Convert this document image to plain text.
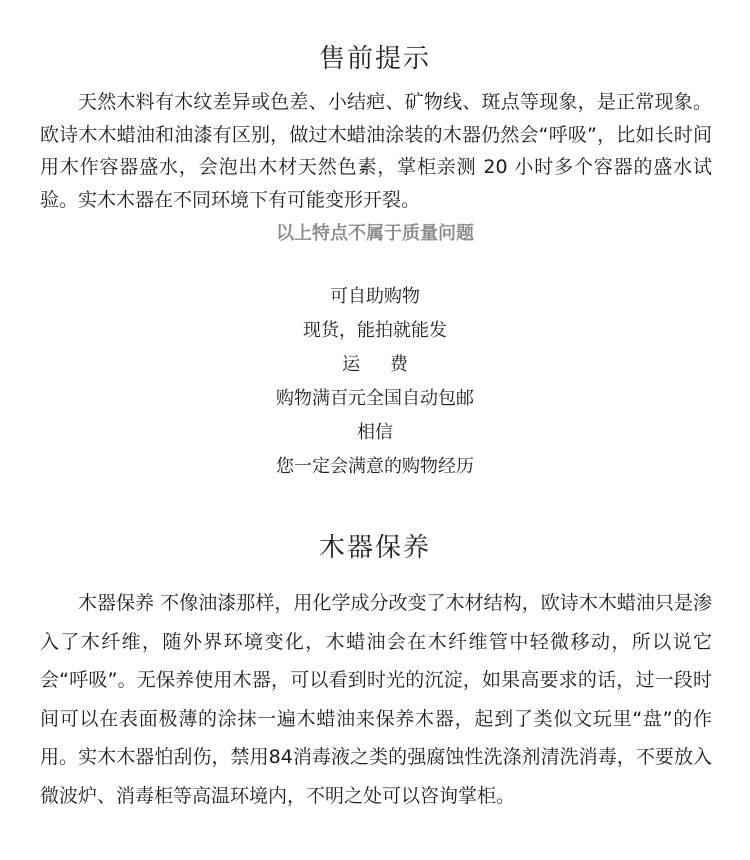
售前提示

天然木料有木纹差异或色差、小结疤、矿物线、斑点等现象，是正常现象。欧诗木木蜡油和油漆有区别，做过木蜡油涂装的木器仍然会“呼吸”，比如长时间用木作容器盛水，会泡出木材天然色素，掌柜亲测 20 小时多个容器的盛水试验。实木木器在不同环境下有可能变形开裂。

以上特点不属于质量问题
可自助购物
现货，能拍就能发
运 费
购物满百元全国自动包邮
相信
您一定会满意的购物经历
木器保养

木器保养 不像油漆那样，用化学成分改变了木材结构，欧诗木木蜡油只是渗入了木纤维，随外界环境变化，木蜡油会在木纤维管中轻微移动，所以说它会“呼吸”。无保养使用木器，可以看到时光的沉淀，如果高要求的话，过一段时间可以在表面极薄的涂抹一遍木蜡油来保养木器，起到了类似文玩里“盘”的作用。实木木器怕刮伤，禁用84消毒液之类的强腐蚀性洗涤剂清洗消毒，不要放入微波炉、消毒柜等高温环境内，不明之处可以咨询掌柜。
